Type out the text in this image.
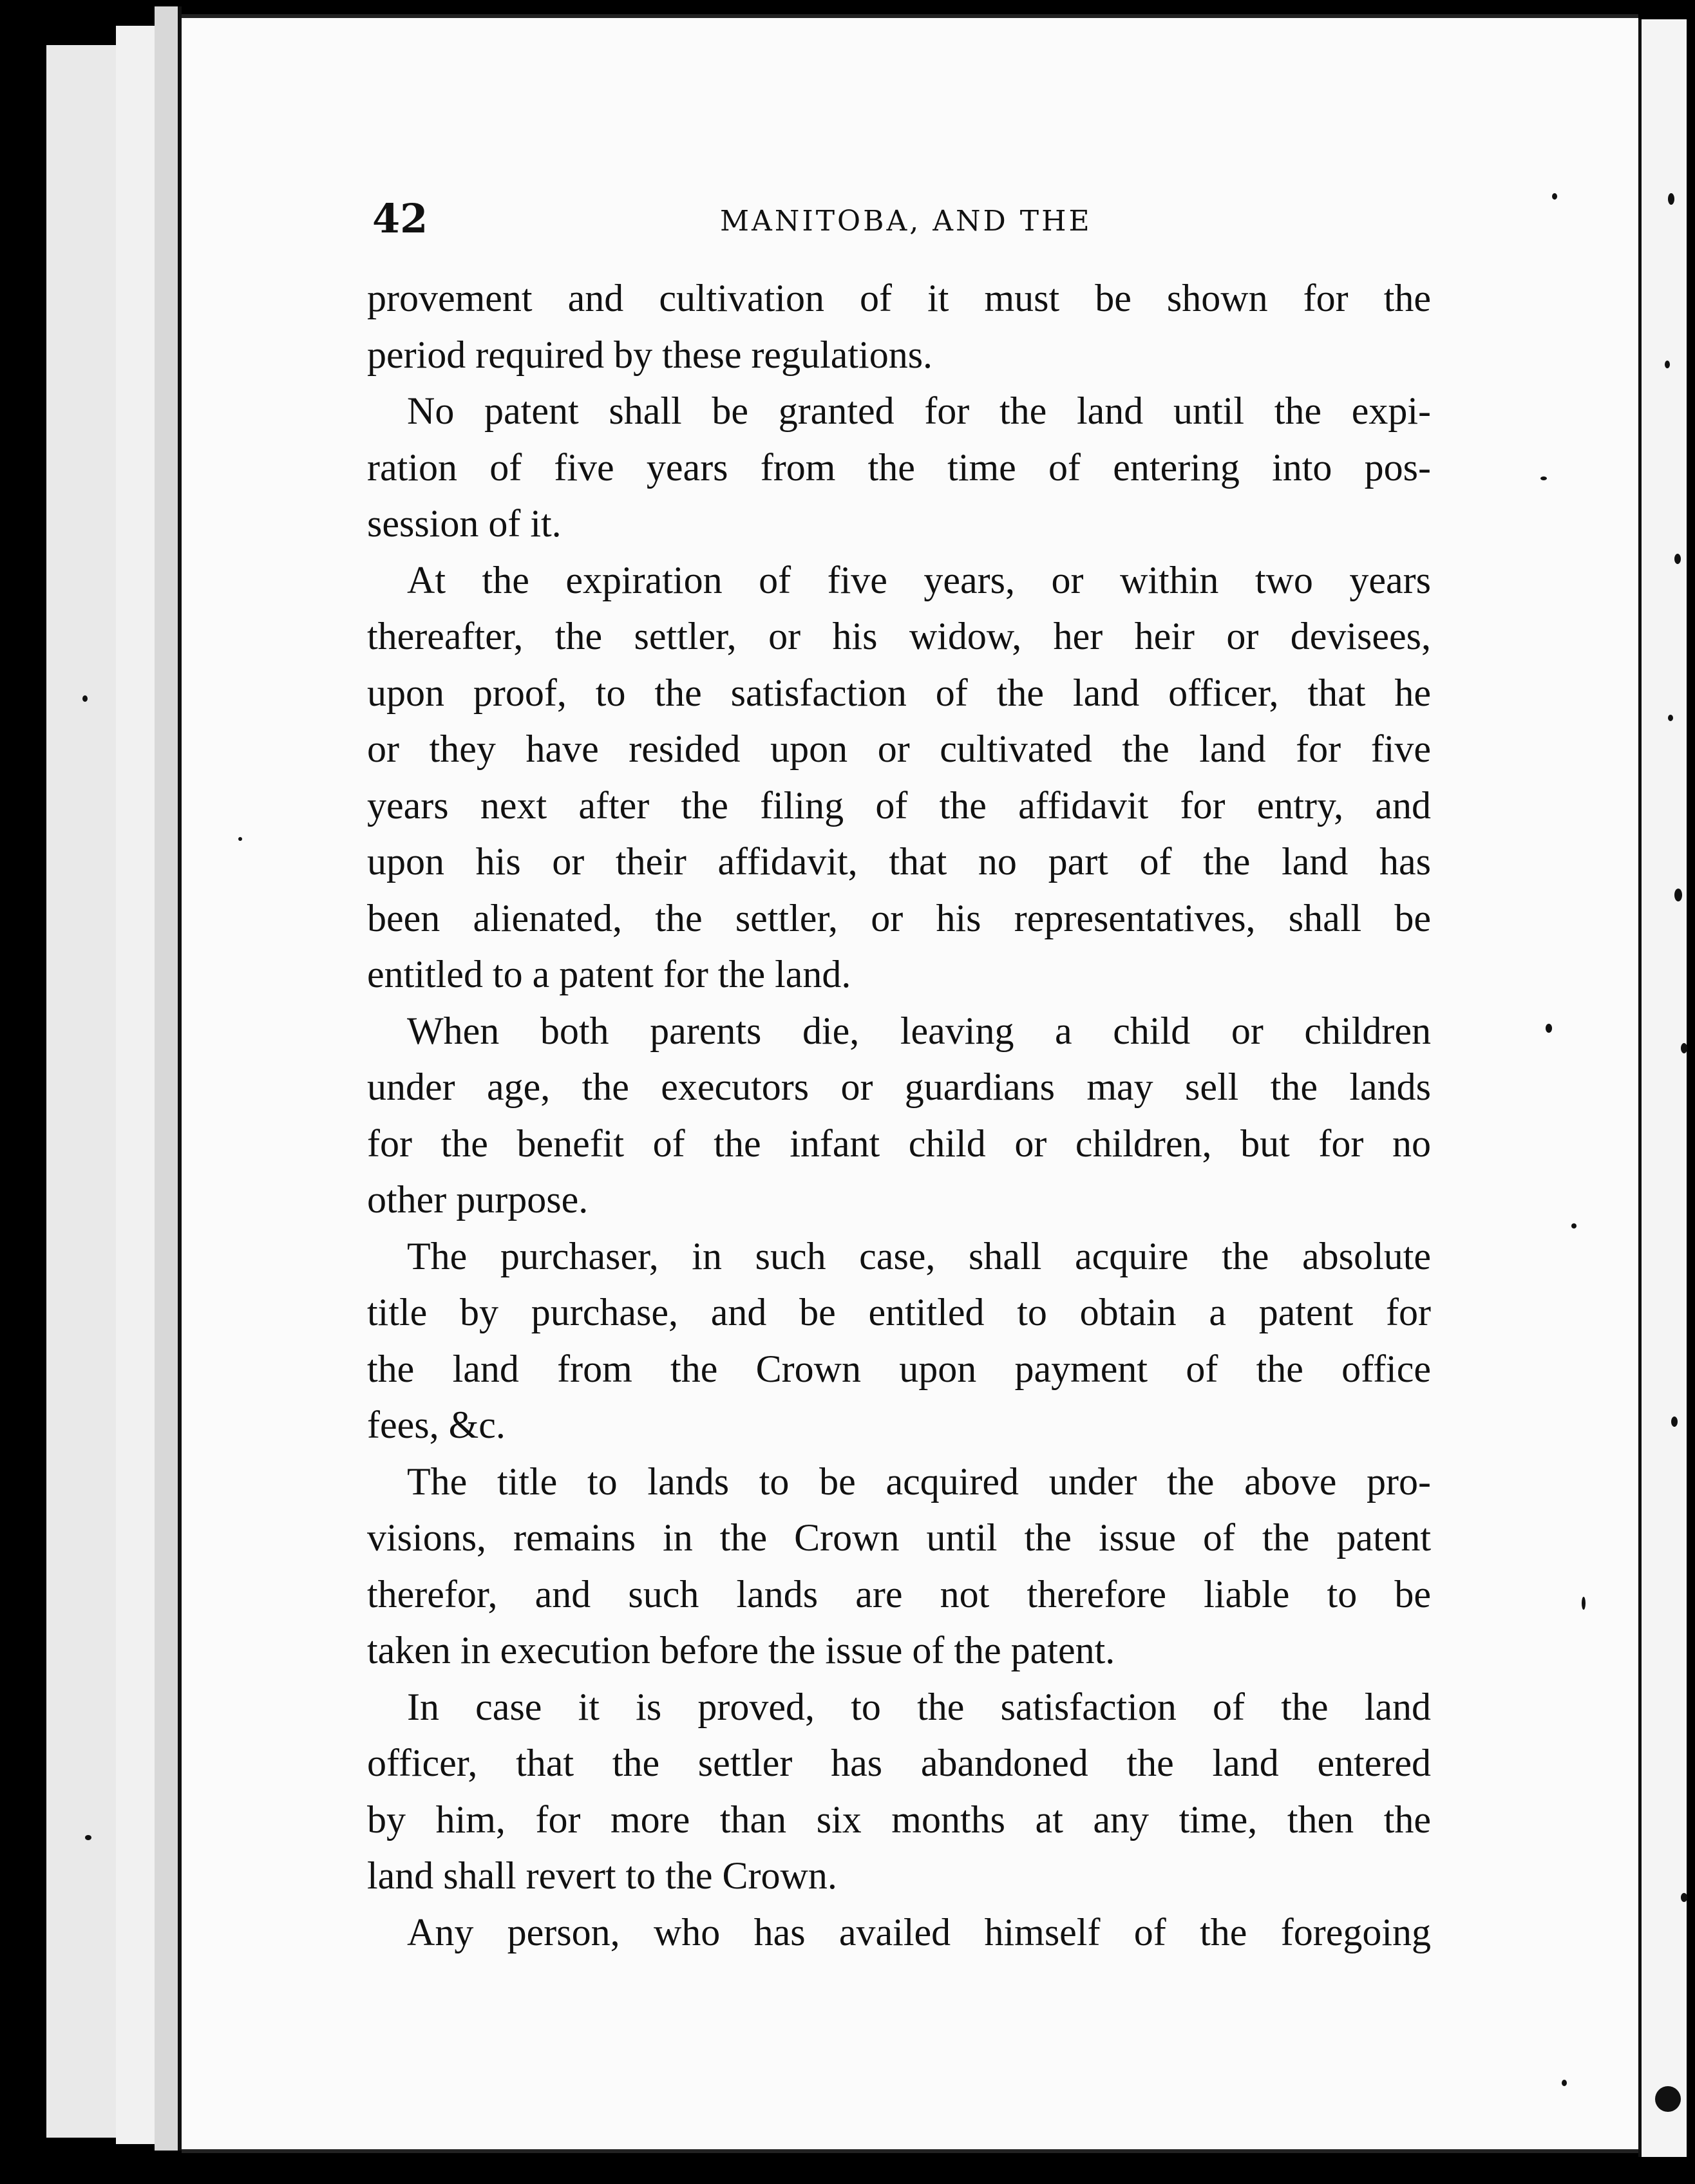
42	MANITOBA, AND THE
provement and cultivation of it must be shown for the
period required by these regulations.
No patent shall be granted for the land until the expi-
ration of five years from the time of entering into pos-
session of it.
At the expiration of five years, or within two years
thereafter, the settler, or his widow, her heir or devisees,
upon proof, to the satisfaction of the land officer, that he
or they have resided upon or cultivated the land for five
years next after the filing of the affidavit for entry, and
upon his or their affidavit, that no part of the land has
been alienated, the settler, or his representatives, shall be
entitled to a patent for the land.
When both parents die, leaving a child or children
under age, the executors or guardians may sell the lands
for the benefit of the infant child or children, but for no
other purpose.
The purchaser, in such case, shall acquire the absolute
title by purchase, and be entitled to obtain a patent for
the land from the Crown upon payment of the office
fees, &c.
The title to lands to be acquired under the above pro-
visions, remains in the Crown until the issue of the patent
therefor, and such lands are not therefore liable to be
taken in execution before the issue of the patent.
In case it is proved, to the satisfaction of the land
officer, that the settler has abandoned the land entered
by him, for more than six months at any time, then the
land shall revert to the Crown.
Any person, who has availed himself of the foregoing
